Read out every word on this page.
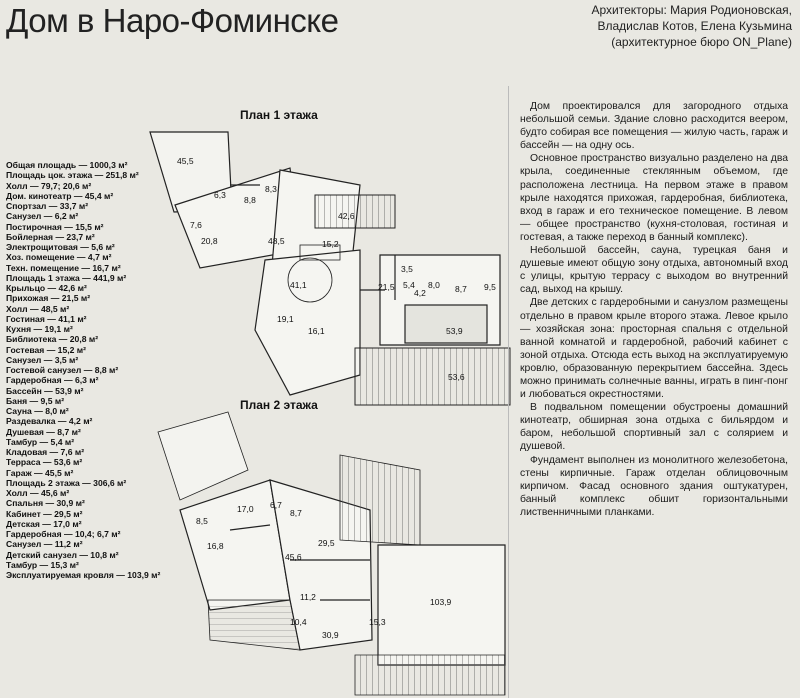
Дом в Наро-Фоминске	Архитекторы: Мария Родионовская,
Владислав Котов, Елена Кузьмина
(архитектурное бюро ON_Plane)
План 1 этажа
План 2 этажа
45,5
8,3
8,8
6,3
42,6
7,6
20,8	48,5	15,2
3,5
5,4
21,5
41,1	8,0 8,7 9,5
4,2
19,1
16,1	53,9
53,6
8,5
17,0 6,7
8,7
29,5
16,8
45,6
103,9
11,2
10,4
30,9
15,3
Общая площадь — 1000,3 м²
Площадь цок. этажа — 251,8 м²
Холл — 79,7; 20,6 м²
Дом. кинотеатр — 45,4 м²
Спортзал — 33,7 м²
Санузел — 6,2 м²
Постирочная — 15,5 м²
Бойлерная — 23,7 м²
Электрощитовая — 5,6 м²
Хоз. помещение — 4,7 м²
Техн. помещение — 16,7 м²
Площадь 1 этажа — 441,9 м²
Крыльцо — 42,6 м²
Прихожая — 21,5 м²
Холл — 48,5 м²
Гостиная — 41,1 м²
Кухня — 19,1 м²
Библиотека — 20,8 м²
Гостевая — 15,2 м²
Санузел — 3,5 м²
Гостевой санузел — 8,8 м²
Гардеробная — 6,3 м²
Бассейн — 53,9 м²
Баня — 9,5 м²
Сауна — 8,0 м²
Раздевалка — 4,2 м²
Душевая — 8,7 м²
Тамбур — 5,4 м²
Кладовая — 7,6 м²
Терраса — 53,6 м²
Гараж — 45,5 м²
Площадь 2 этажа — 306,6 м²
Холл — 45,6 м²
Спальня — 30,9 м²
Кабинет — 29,5 м²
Детская — 17,0 м²
Гардеробная — 10,4; 6,7 м²
Санузел — 11,2 м²
Детский санузел — 10,8 м²
Тамбур — 15,3 м²
Эксплуатируемая кровля — 103,9 м²

Дом проектировался для загородного отдыха небольшой семьи. Здание словно расходится веером, будто собирая все помещения — жилую часть, гараж и бассейн — на одну ось.

Основное пространство визуально разделено на два крыла, соединенные стеклянным объемом, где расположена лестница. На первом этаже в правом крыле находятся прихожая, гардеробная, библиотека, вход в гараж и его техническое помещение. В левом — общее пространство (кухня-столовая, гостиная и гостевая, а также переход в банный комплекс).

Небольшой бассейн, сауна, турецкая баня и душевые имеют общую зону отдыха, автономный вход с улицы, крытую террасу с выходом во внутренний сад, выход на крышу.

Две детских с гардеробными и санузлом размещены отдельно в правом крыле второго этажа. Левое крыло — хозяйская зона: просторная спальня с отдельной ванной комнатой и гардеробной, рабочий кабинет с зоной отдыха. Отсюда есть выход на эксплуатируемую кровлю, образованную перекрытием бассейна. Здесь можно принимать солнечные ванны, играть в пинг-понг и любоваться окрестностями.

В подвальном помещении обустроены домашний кинотеатр, обширная зона отдыха с бильярдом и баром, небольшой спортивный зал с солярием и душевой.

Фундамент выполнен из монолитного железобетона, стены кирпичные. Гараж отделан облицовочным кирпичом. Фасад основного здания оштукатурен, банный комплекс обшит горизонтальными лиственничными планками.
